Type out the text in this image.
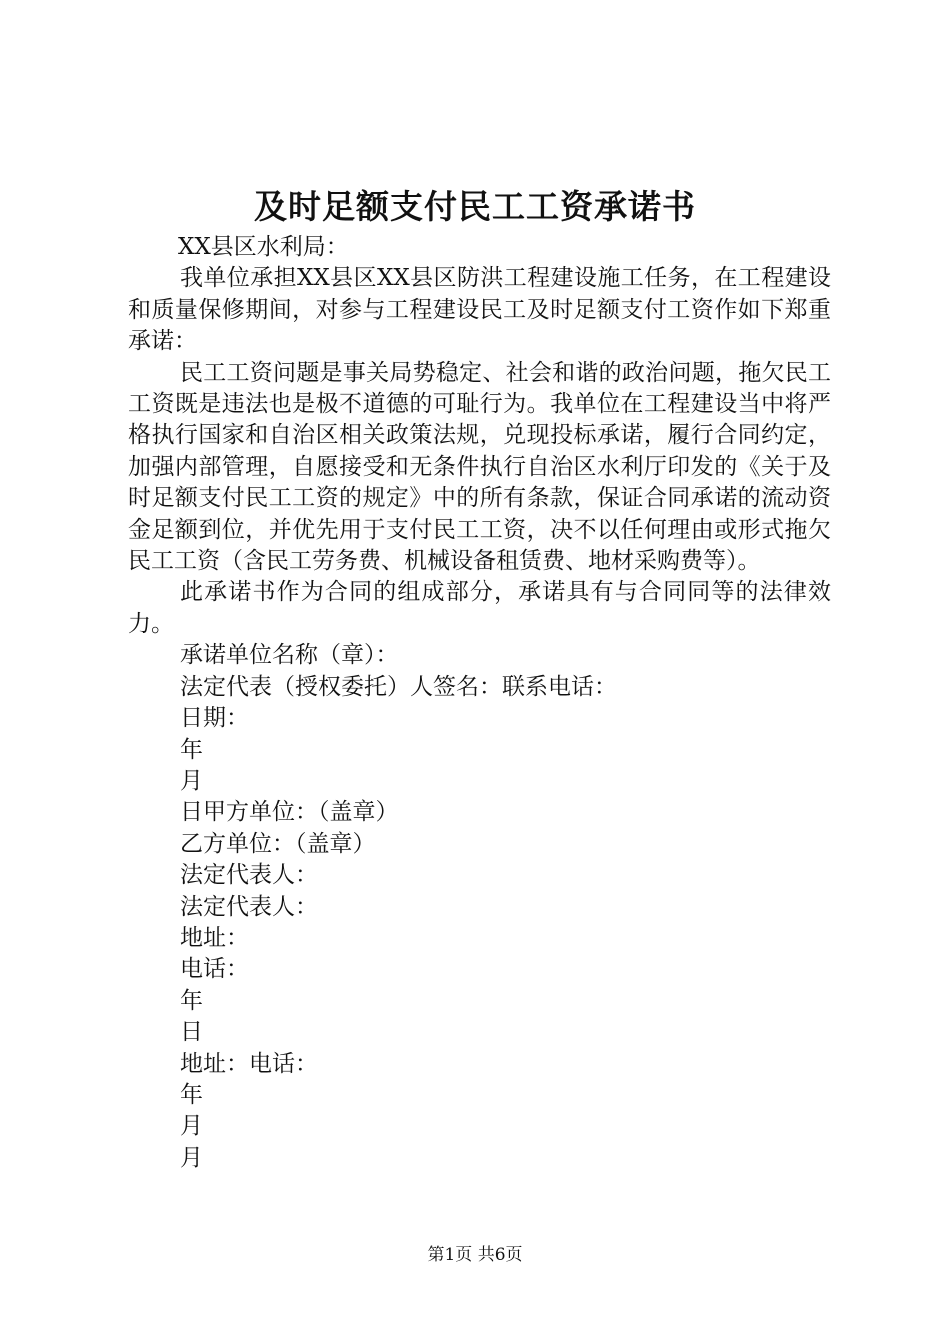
及时足额支付民工工资承诺书

XX县区水利局：

我单位承担XX县区XX县区防洪工程建设施工任务，在工程建设和质量保修期间，对参与工程建设民工及时足额支付工资作如下郑重承诺：

民工工资问题是事关局势稳定、社会和谐的政治问题，拖欠民工工资既是违法也是极不道德的可耻行为。我单位在工程建设当中将严格执行国家和自治区相关政策法规，兑现投标承诺，履行合同约定，加强内部管理，自愿接受和无条件执行自治区水利厅印发的《关于及时足额支付民工工资的规定》中的所有条款，保证合同承诺的流动资金足额到位，并优先用于支付民工工资，决不以任何理由或形式拖欠民工工资（含民工劳务费、机械设备租赁费、地材采购费等）。

此承诺书作为合同的组成部分，承诺具有与合同同等的法律效力。

承诺单位名称（章）：

法定代表（授权委托）人签名：联系电话：

日期：

年

月

日甲方单位：（盖章）

乙方单位：（盖章）

法定代表人：

法定代表人：

地址：

电话：

年

日

地址：电话：

年

月

月

第1页 共6页
